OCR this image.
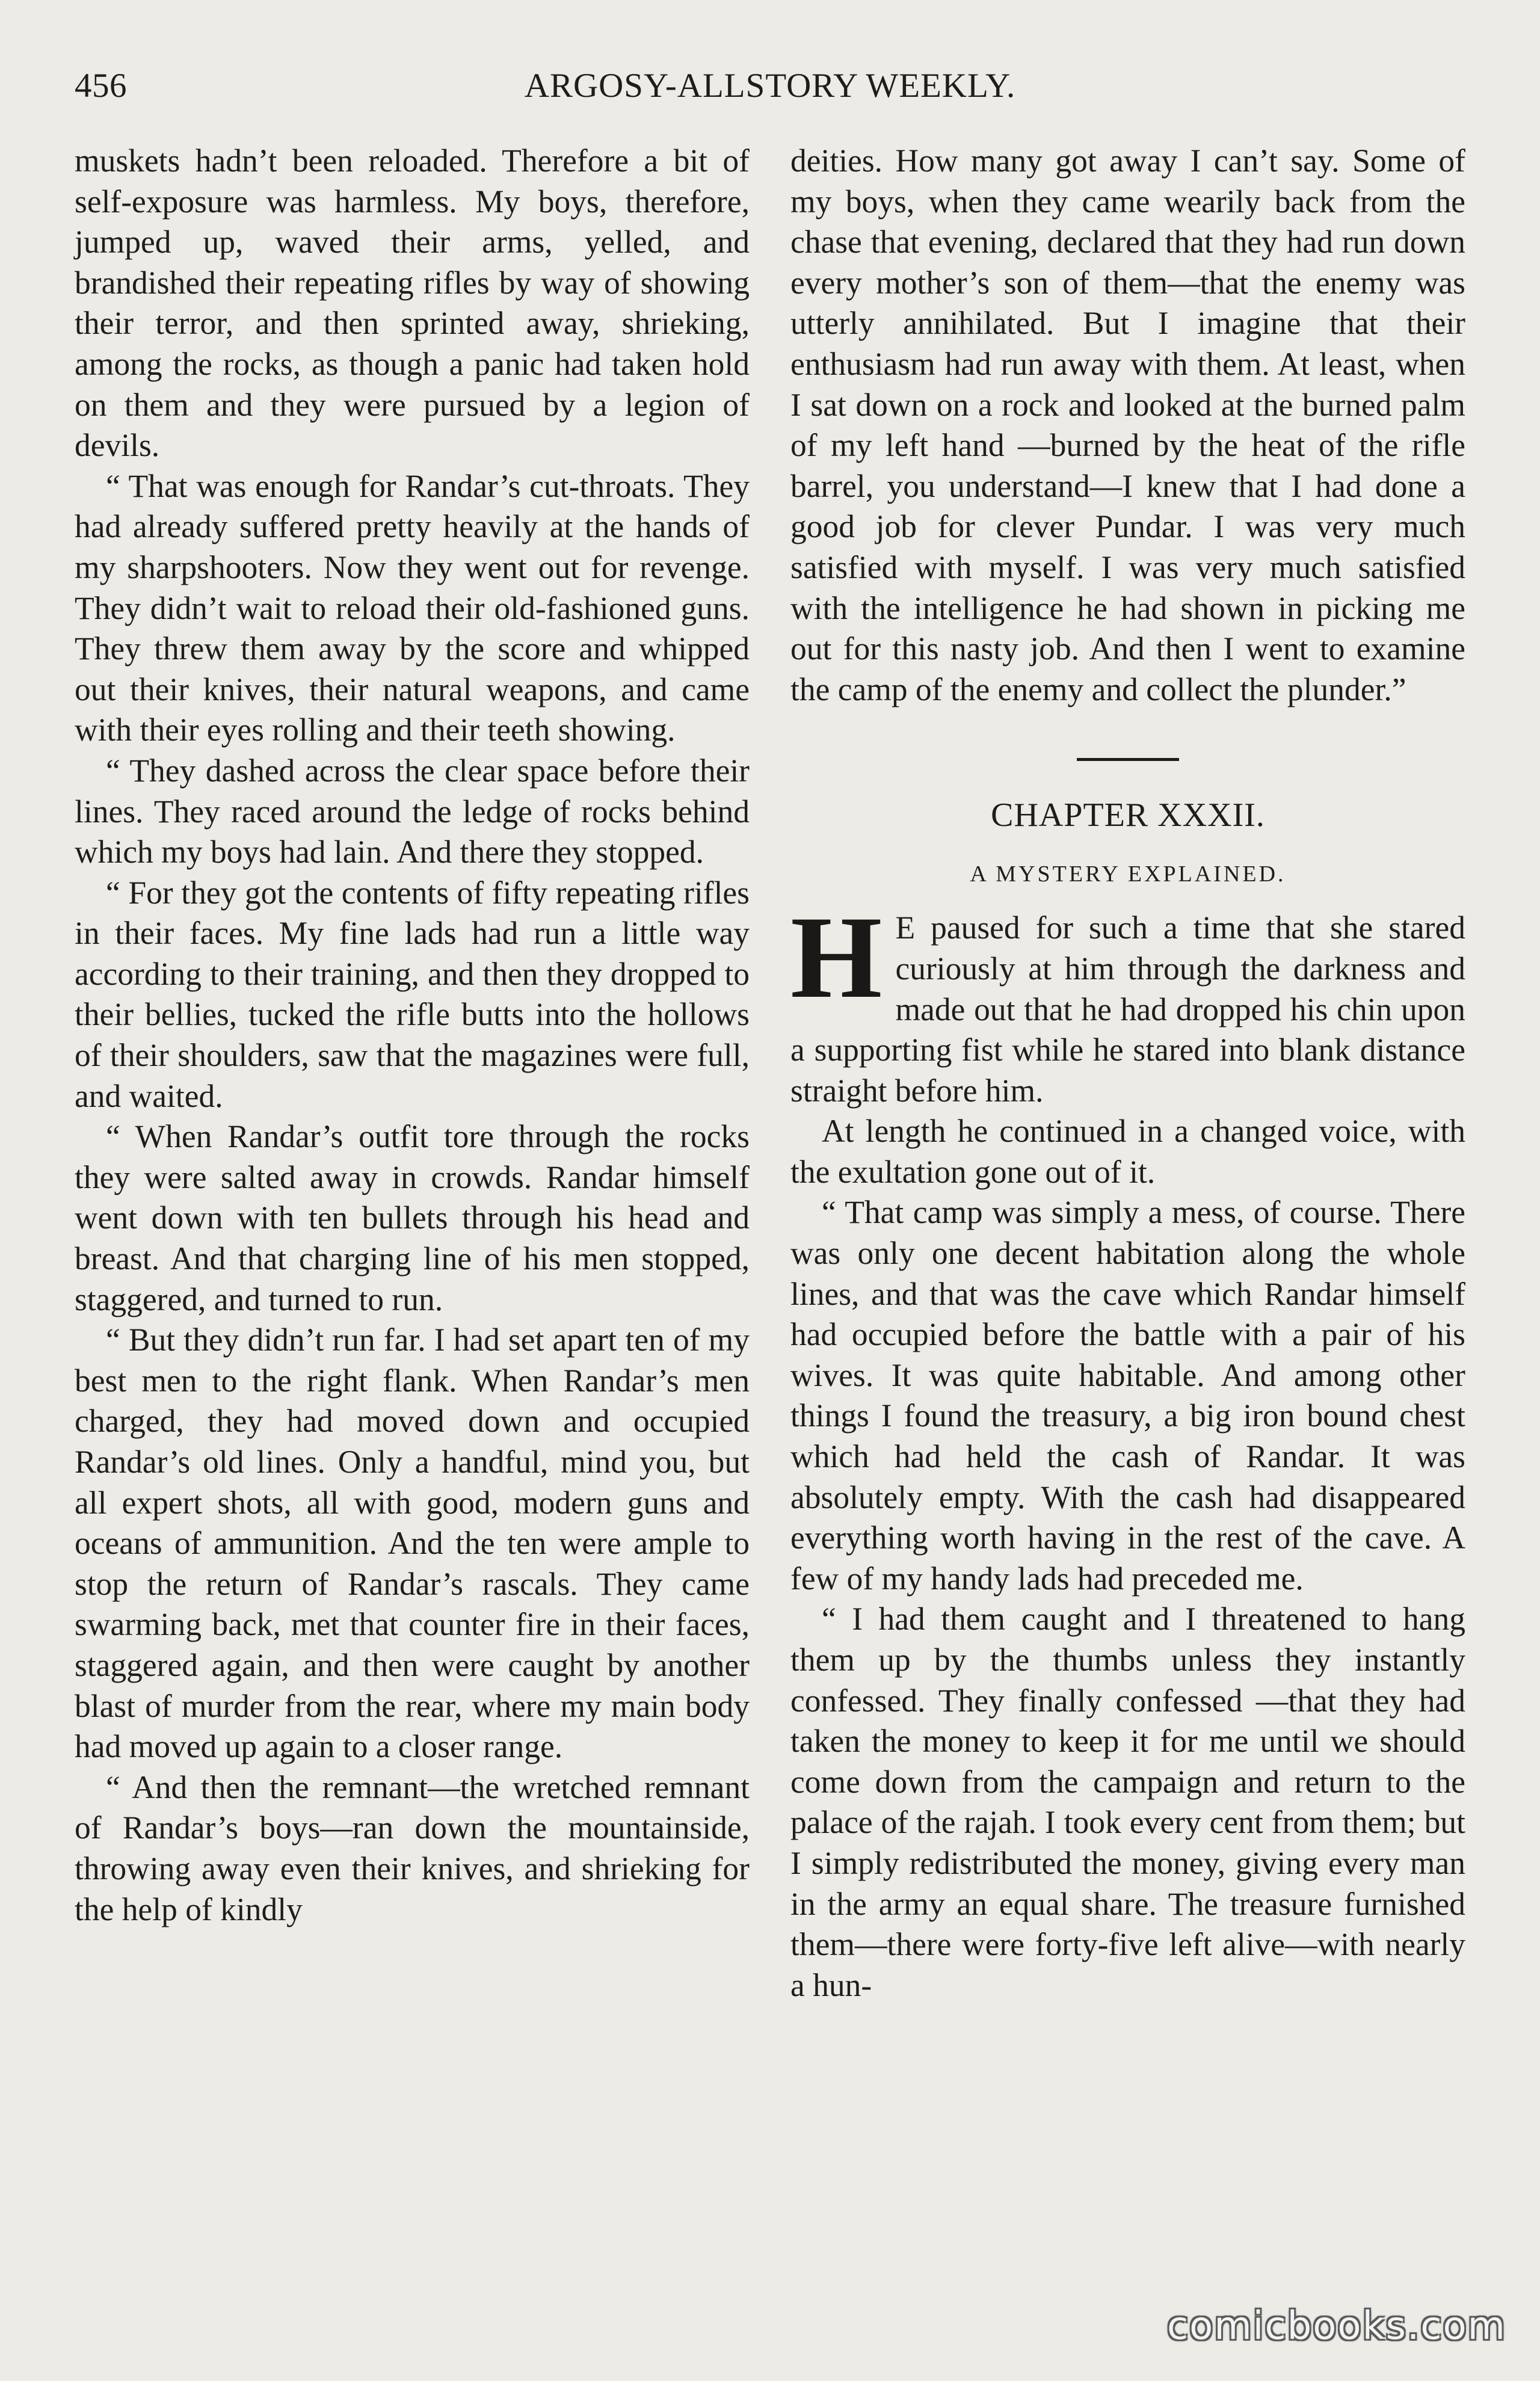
456	ARGOSY-ALLSTORY WEEKLY.

muskets hadn’t been reloaded. Therefore a bit of self-exposure was harmless. My boys, therefore, jumped up, waved their arms, yelled, and brandished their repeating rifles by way of showing their terror, and then sprinted away, shrieking, among the rocks, as though a panic had taken hold on them and they were pursued by a legion of devils.

“ That was enough for Randar’s cut-throats. They had already suffered pretty heavily at the hands of my sharpshooters. Now they went out for revenge. They didn’t wait to reload their old-fashioned guns. They threw them away by the score and whipped out their knives, their natural weapons, and came with their eyes rolling and their teeth showing.

“ They dashed across the clear space before their lines. They raced around the ledge of rocks behind which my boys had lain. And there they stopped.

“ For they got the contents of fifty repeating rifles in their faces. My fine lads had run a little way according to their training, and then they dropped to their bellies, tucked the rifle butts into the hollows of their shoulders, saw that the magazines were full, and waited.

“ When Randar’s outfit tore through the rocks they were salted away in crowds. Randar himself went down with ten bullets through his head and breast. And that charging line of his men stopped, staggered, and turned to run.

“ But they didn’t run far. I had set apart ten of my best men to the right flank. When Randar’s men charged, they had moved down and occupied Randar’s old lines. Only a handful, mind you, but all expert shots, all with good, modern guns and oceans of ammunition. And the ten were ample to stop the return of Randar’s rascals. They came swarming back, met that counter fire in their faces, staggered again, and then were caught by another blast of murder from the rear, where my main body had moved up again to a closer range.

“ And then the remnant—the wretched remnant of Randar’s boys—ran down the mountainside, throwing away even their knives, and shrieking for the help of kindly

deities. How many got away I can’t say. Some of my boys, when they came wearily back from the chase that evening, declared that they had run down every mother’s son of them—that the enemy was utterly annihilated. But I imagine that their enthusiasm had run away with them. At least, when I sat down on a rock and looked at the burned palm of my left hand —burned by the heat of the rifle barrel, you understand—I knew that I had done a good job for clever Pundar. I was very much satisfied with myself. I was very much satisfied with the intelligence he had shown in picking me out for this nasty job. And then I went to examine the camp of the enemy and collect the plunder.”

CHAPTER XXXII.
A MYSTERY EXPLAINED.

H E paused for such a time that she stared curiously at him through the darkness and made out that he had dropped his chin upon a supporting fist while he stared into blank distance straight before him.

At length he continued in a changed voice, with the exultation gone out of it.

“ That camp was simply a mess, of course. There was only one decent habitation along the whole lines, and that was the cave which Randar himself had occupied before the battle with a pair of his wives. It was quite habitable. And among other things I found the treasury, a big iron bound chest which had held the cash of Randar. It was absolutely empty. With the cash had disappeared everything worth having in the rest of the cave. A few of my handy lads had preceded me.

“ I had them caught and I threatened to hang them up by the thumbs unless they instantly confessed. They finally confessed —that they had taken the money to keep it for me until we should come down from the campaign and return to the palace of the rajah. I took every cent from them; but I simply redistributed the money, giving every man in the army an equal share. The treasure furnished them—there were forty-five left alive—with nearly a hun-

comicbooks.com
